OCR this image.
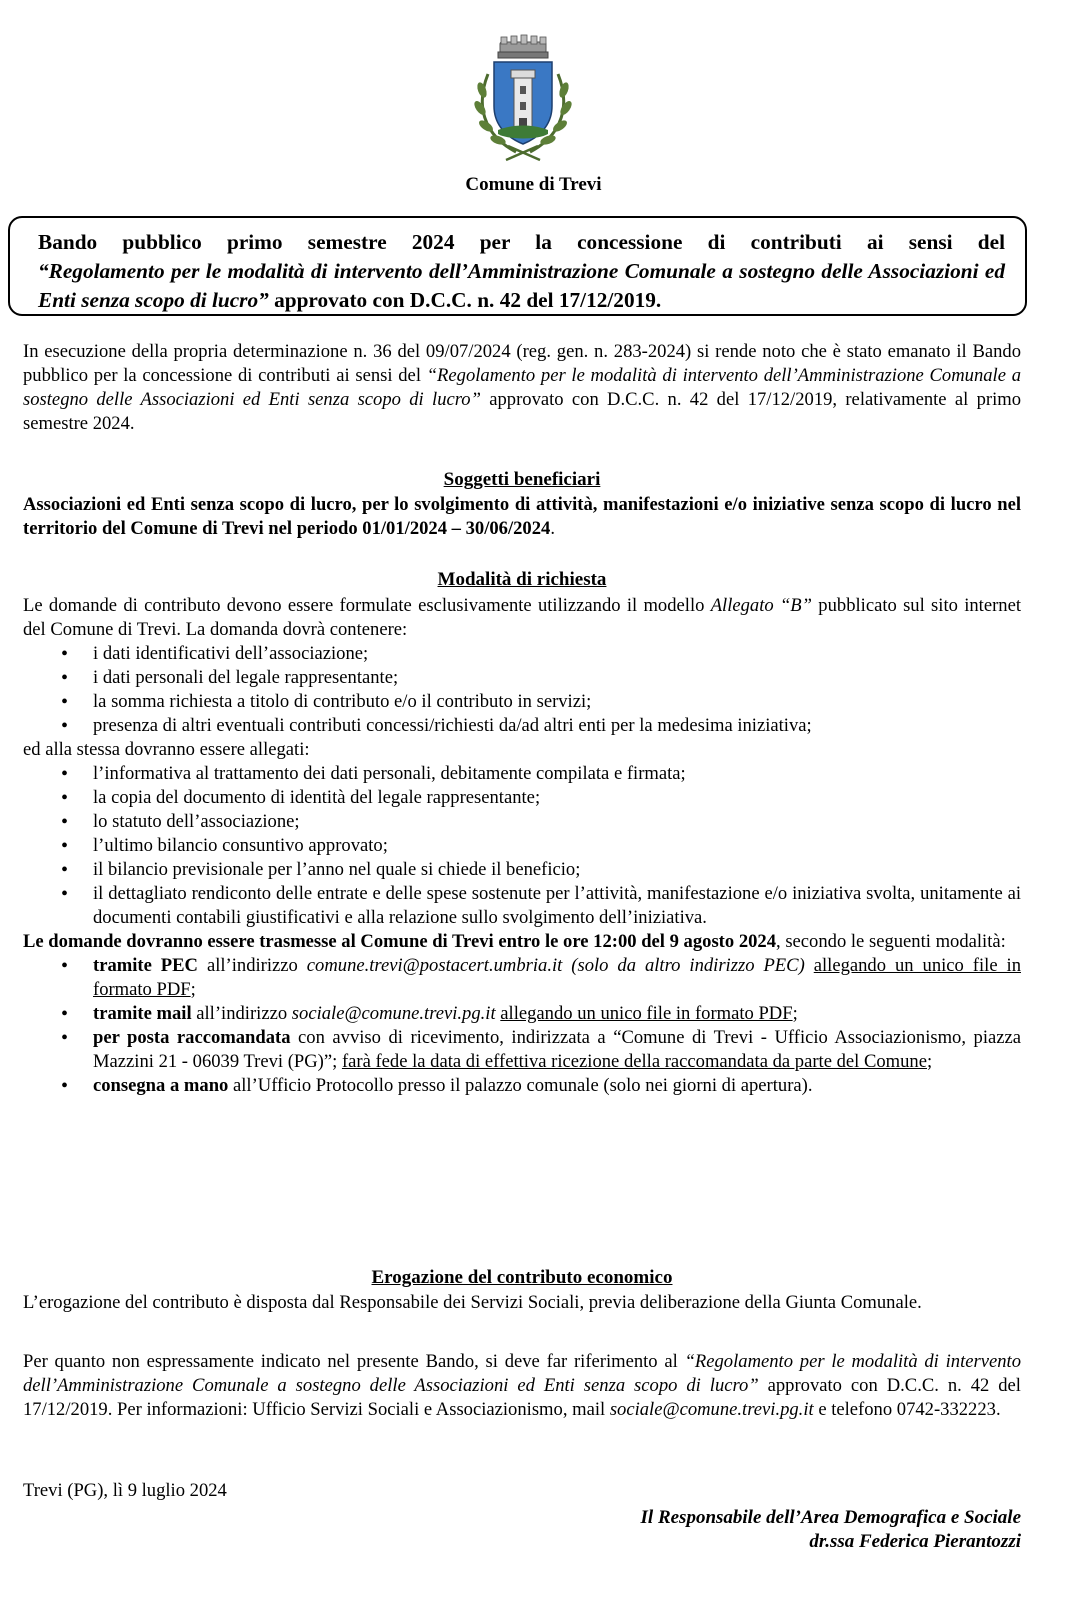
Comune di Trevi
Bando pubblico primo semestre 2024 per la concessione di contributi ai sensi del
“Regolamento per le modalità di intervento dell’Amministrazione Comunale a sostegno delle Associazioni ed Enti senza scopo di lucro” approvato con D.C.C. n. 42 del 17/12/2019.

In esecuzione della propria determinazione n. 36 del 09/07/2024 (reg. gen. n. 283-2024) si rende noto che è stato emanato il Bando pubblico per la concessione di contributi ai sensi del “Regolamento per le modalità di intervento dell’Amministrazione Comunale a sostegno delle Associazioni ed Enti senza scopo di lucro” approvato con D.C.C. n. 42 del 17/12/2019, relativamente al primo semestre 2024.

Soggetti beneficiari

Associazioni ed Enti senza scopo di lucro, per lo svolgimento di attività, manifestazioni e/o iniziative senza scopo di lucro nel territorio del Comune di Trevi nel periodo 01/01/2024 – 30/06/2024.

Modalità di richiesta

Le domande di contributo devono essere formulate esclusivamente utilizzando il modello Allegato “B” pubblicato sul sito internet del Comune di Trevi. La domanda dovrà contenere:

• i dati identificativi dell’associazione;
• i dati personali del legale rappresentante;
• la somma richiesta a titolo di contributo e/o il contributo in servizi;
• presenza di altri eventuali contributi concessi/richiesti da/ad altri enti per la medesima iniziativa;

ed alla stessa dovranno essere allegati:

• l’informativa al trattamento dei dati personali, debitamente compilata e firmata;
• la copia del documento di identità del legale rappresentante;
• lo statuto dell’associazione;
• l’ultimo bilancio consuntivo approvato;
• il bilancio previsionale per l’anno nel quale si chiede il beneficio;
• il dettagliato rendiconto delle entrate e delle spese sostenute per l’attività, manifestazione e/o iniziativa svolta, unitamente ai documenti contabili giustificativi e alla relazione sullo svolgimento dell’iniziativa.

Le domande dovranno essere trasmesse al Comune di Trevi entro le ore 12:00 del 9 agosto 2024, secondo le seguenti modalità:

• tramite PEC all’indirizzo comune.trevi@postacert.umbria.it (solo da altro indirizzo PEC) allegando un unico file in formato PDF;
• tramite mail all’indirizzo sociale@comune.trevi.pg.it allegando un unico file in formato PDF;
• per posta raccomandata con avviso di ricevimento, indirizzata a “Comune di Trevi - Ufficio Associazionismo, piazza Mazzini 21 - 06039 Trevi (PG)”; farà fede la data di effettiva ricezione della raccomandata da parte del Comune;
• consegna a mano all’Ufficio Protocollo presso il palazzo comunale (solo nei giorni di apertura).
Erogazione del contributo economico

L’erogazione del contributo è disposta dal Responsabile dei Servizi Sociali, previa deliberazione della Giunta Comunale.

Per quanto non espressamente indicato nel presente Bando, si deve far riferimento al “Regolamento per le modalità di intervento dell’Amministrazione Comunale a sostegno delle Associazioni ed Enti senza scopo di lucro” approvato con D.C.C. n. 42 del 17/12/2019. Per informazioni: Ufficio Servizi Sociali e Associazionismo, mail sociale@comune.trevi.pg.it e telefono 0742-332223.

Trevi (PG), lì 9 luglio 2024

Il Responsabile dell’Area Demografica e Sociale
dr.ssa Federica Pierantozzi
